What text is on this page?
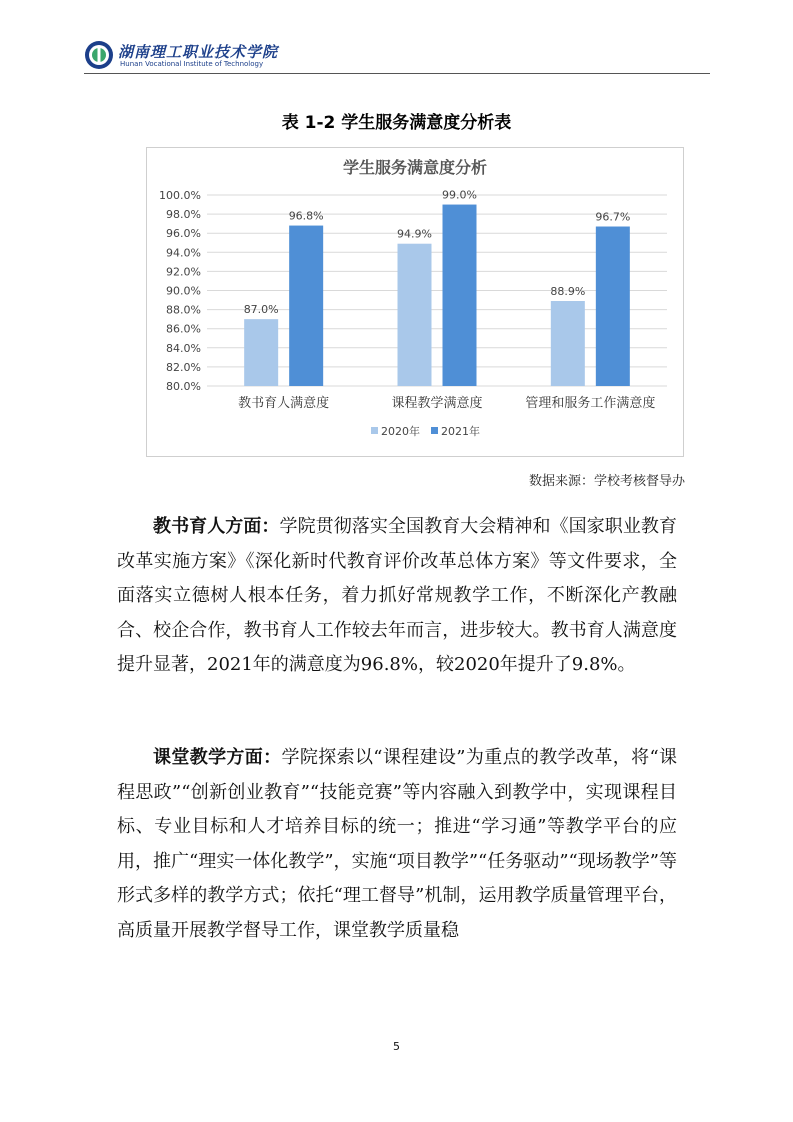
湖南理工职业技术学院
Hunan Vocational Institute of Technology
表 1-2 学生服务满意度分析表
学生服务满意度分析
80.0%
82.0%
84.0%
86.0%
88.0%
90.0%
92.0%
94.0%
96.0%
98.0%
100.0%
87.0%
96.8%
教书育人满意度
94.9%
99.0%
课程教学满意度
88.9%
96.7%
管理和服务工作满意度
2020年 2021年
数据来源：学校考核督导办

教书育人方面：学院贯彻落实全国教育大会精神和《国家职业教育改革实施方案》《深化新时代教育评价改革总体方案》等文件要求，全面落实立德树人根本任务，着力抓好常规教学工作，不断深化产教融合、校企合作，教书育人工作较去年而言，进步较大。教书育人满意度提升显著，2021年的满意度为96.8%，较2020年提升了9.8%。

课堂教学方面：学院探索以“课程建设”为重点的教学改革，将“课程思政”“创新创业教育”“技能竞赛”等内容融入到教学中，实现课程目标、专业目标和人才培养目标的统一；推进“学习通”等教学平台的应用，推广“理实一体化教学”，实施“项目教学”“任务驱动”“现场教学”等形式多样的教学方式；依托“理工督导”机制，运用教学质量管理平台，高质量开展教学督导工作，课堂教学质量稳

5
